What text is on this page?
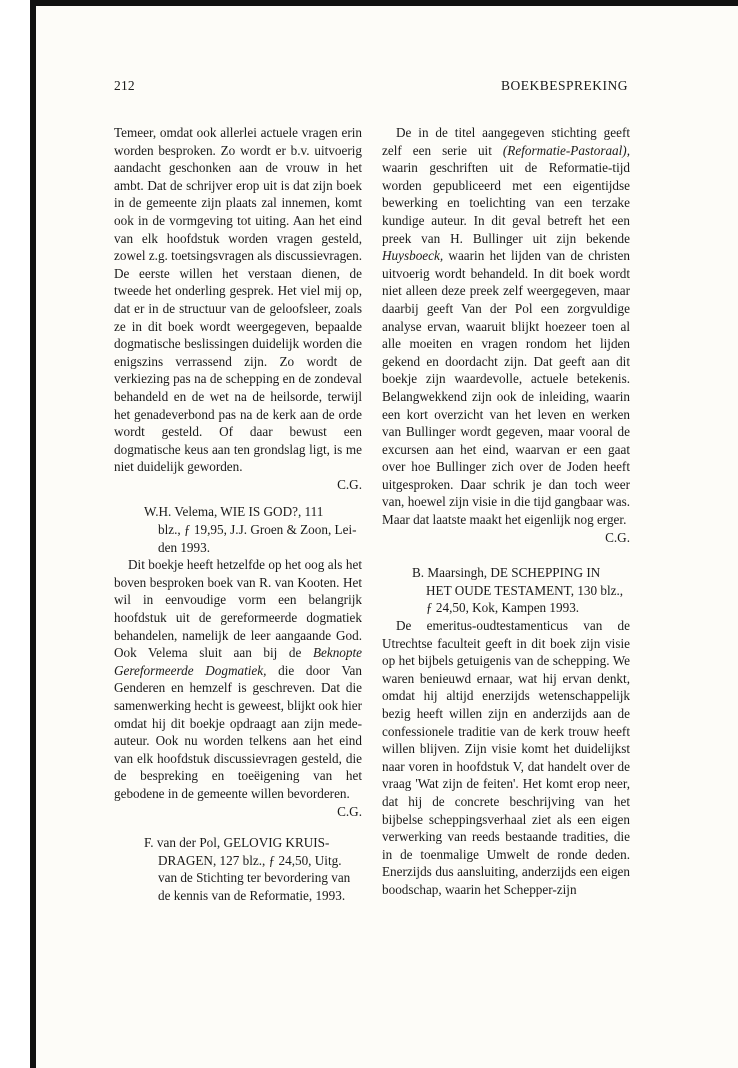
212	BOEKBESPREKING

Temeer, omdat ook allerlei actuele vragen erin worden besproken. Zo wordt er b.v. uitvoerig aandacht geschonken aan de vrouw in het ambt. Dat de schrijver erop uit is dat zijn boek in de gemeente zijn plaats zal innemen, komt ook in de vormgeving tot uiting. Aan het eind van elk hoofdstuk worden vragen gesteld, zowel z.g. toetsingsvragen als discussievragen. De eerste willen het verstaan dienen, de tweede het onderling gesprek. Het viel mij op, dat er in de structuur van de geloofsleer, zoals ze in dit boek wordt weergegeven, bepaalde dogmatische beslissingen duidelijk worden die enigszins verrassend zijn. Zo wordt de verkiezing pas na de schepping en de zondeval behandeld en de wet na de heilsorde, terwijl het genadeverbond pas na de kerk aan de orde wordt gesteld. Of daar bewust een dogmatische keus aan ten grondslag ligt, is me niet duidelijk geworden.

C.G.

W.H. Velema, WIE IS GOD?, 111
blz., ƒ 19,95, J.J. Groen & Zoon, Lei-
den 1993.

Dit boekje heeft hetzelfde op het oog als het boven besproken boek van R. van Kooten. Het wil in eenvoudige vorm een belangrijk hoofdstuk uit de gereformeerde dogmatiek behandelen, namelijk de leer aangaande God. Ook Velema sluit aan bij de Beknopte Gereformeerde Dogmatiek, die door Van Genderen en hemzelf is geschreven. Dat die samenwerking hecht is geweest, blijkt ook hier omdat hij dit boekje opdraagt aan zijn mede-auteur. Ook nu worden telkens aan het eind van elk hoofdstuk discussievragen gesteld, die de bespreking en toeëigening van het gebodene in de gemeente willen bevorderen.

C.G.

F. van der Pol, GELOVIG KRUIS-
DRAGEN, 127 blz., ƒ 24,50, Uitg.
van de Stichting ter bevordering van
de kennis van de Reformatie, 1993.

De in de titel aangegeven stichting geeft zelf een serie uit (Reformatie-Pastoraal), waarin geschriften uit de Reformatie-tijd worden gepubliceerd met een eigentijdse bewerking en toelichting van een terzake kundige auteur. In dit geval betreft het een preek van H. Bullinger uit zijn bekende Huysboeck, waarin het lijden van de christen uitvoerig wordt behandeld. In dit boek wordt niet alleen deze preek zelf weergegeven, maar daarbij geeft Van der Pol een zorgvuldige analyse ervan, waaruit blijkt hoezeer toen al alle moeiten en vragen rondom het lijden gekend en doordacht zijn. Dat geeft aan dit boekje zijn waardevolle, actuele betekenis. Belangwekkend zijn ook de inleiding, waarin een kort overzicht van het leven en werken van Bullinger wordt gegeven, maar vooral de excursen aan het eind, waarvan er een gaat over hoe Bullinger zich over de Joden heeft uitgesproken. Daar schrik je dan toch weer van, hoewel zijn visie in die tijd gangbaar was. Maar dat laatste maakt het eigenlijk nog erger.

C.G.

B. Maarsingh, DE SCHEPPING IN
HET OUDE TESTAMENT, 130 blz.,
ƒ 24,50, Kok, Kampen 1993.

De emeritus-oudtestamenticus van de Utrechtse faculteit geeft in dit boek zijn visie op het bijbels getuigenis van de schepping. We waren benieuwd ernaar, wat hij ervan denkt, omdat hij altijd enerzijds wetenschappelijk bezig heeft willen zijn en anderzijds aan de confessionele traditie van de kerk trouw heeft willen blijven. Zijn visie komt het duidelijkst naar voren in hoofdstuk V, dat handelt over de vraag 'Wat zijn de feiten'. Het komt erop neer, dat hij de concrete beschrijving van het bijbelse scheppingsverhaal ziet als een eigen verwerking van reeds bestaande tradities, die in de toenmalige Umwelt de ronde deden. Enerzijds dus aansluiting, anderzijds een eigen boodschap, waarin het Schepper-zijn
